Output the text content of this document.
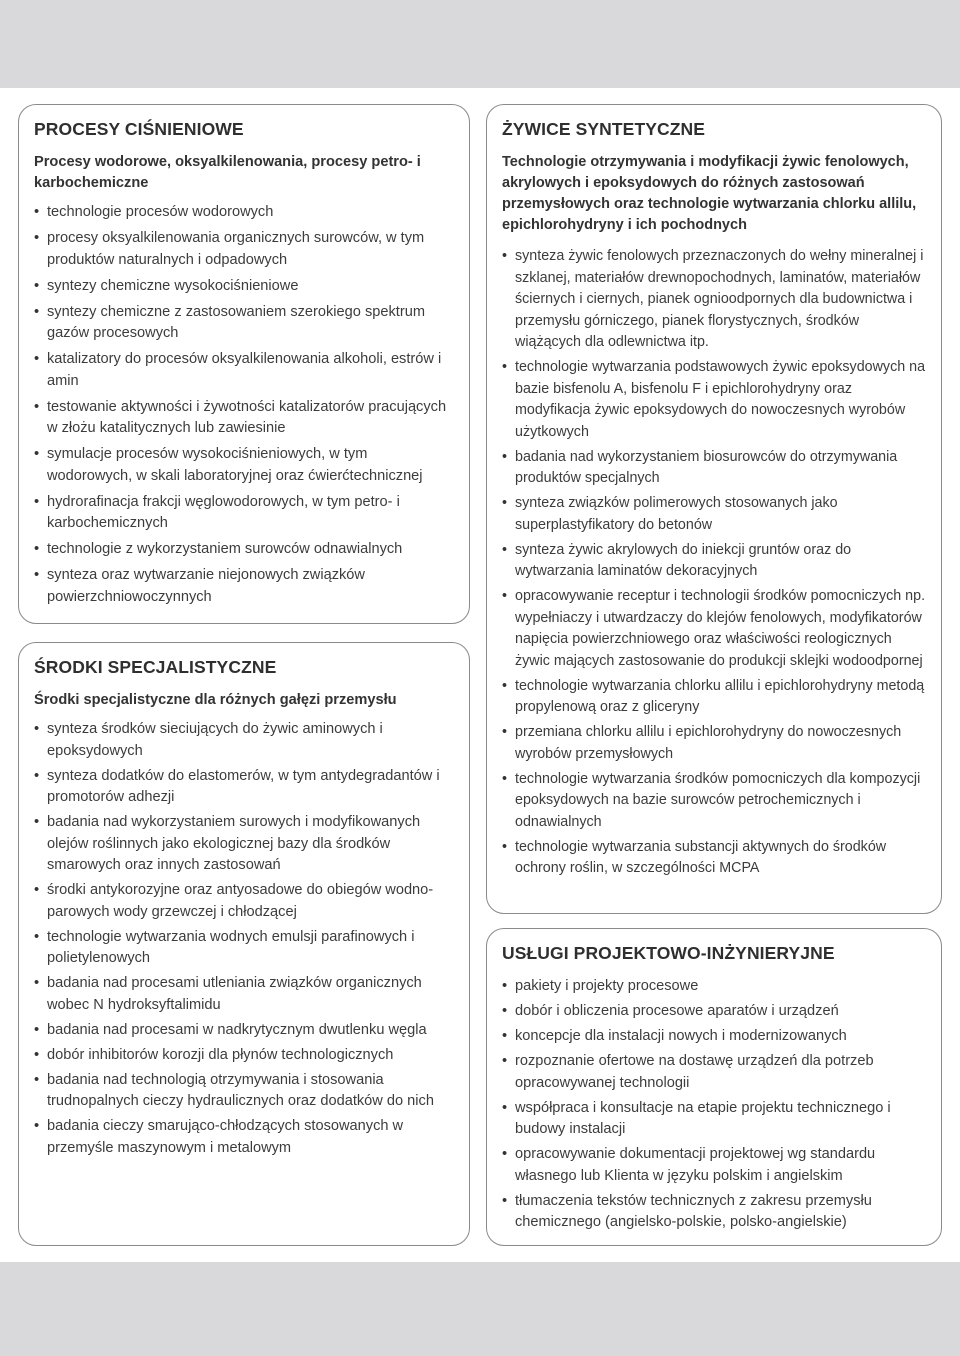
PROCESY CIŚNIENIOWE
Procesy wodorowe, oksyalkilenowania, procesy petro- i karbochemiczne
• technologie procesów wodorowych
• procesy oksyalkilenowania organicznych surowców, w tym produktów naturalnych i odpadowych
• syntezy chemiczne wysokociśnieniowe
• syntezy chemiczne z zastosowaniem szerokiego spektrum gazów procesowych
• katalizatory do procesów oksyalkilenowania alkoholi, estrów i amin
• testowanie aktywności i żywotności katalizatorów pracujących w złożu katalitycznych lub zawiesinie
• symulacje procesów wysokociśnieniowych, w tym wodorowych, w skali laboratoryjnej oraz ćwierćtechnicznej
• hydrorafinacja frakcji węglowodorowych, w tym petro- i karbochemicznych
• technologie z wykorzystaniem surowców odnawialnych
• synteza oraz wytwarzanie niejonowych związków powierzchniowoczynnych
ŚRODKI SPECJALISTYCZNE
Środki specjalistyczne dla różnych gałęzi przemysłu
• synteza środków sieciujących do żywic aminowych i epoksydowych
• synteza dodatków do elastomerów, w tym antydegradantów i promotorów adhezji
• badania nad wykorzystaniem surowych i modyfikowanych olejów roślinnych jako ekologicznej bazy dla środków smarowych oraz innych zastosowań
• środki antykorozyjne oraz antyosadowe do obiegów wodno-parowych wody grzewczej i chłodzącej
• technologie wytwarzania wodnych emulsji parafinowych i polietylenowych
• badania nad procesami utleniania związków organicznych wobec N hydroksyftalimidu
• badania nad procesami w nadkrytycznym dwutlenku węgla
• dobór inhibitorów korozji dla płynów technologicznych
• badania nad technologią otrzymywania i stosowania trudnopalnych cieczy hydraulicznych oraz dodatków do nich
• badania cieczy smarująco-chłodzących stosowanych w przemyśle maszynowym i metalowym
ŻYWICE SYNTETYCZNE
Technologie otrzymywania i modyfikacji żywic fenolowych, akrylowych i epoksydowych do różnych zastosowań przemysłowych oraz technologie wytwarzania chlorku allilu, epichlorohydryny i ich pochodnych
• synteza żywic fenolowych przeznaczonych do wełny mineralnej i szklanej, materiałów drewnopochodnych, laminatów, materiałów ściernych i ciernych, pianek ognioodpornych dla budownictwa i przemysłu górniczego, pianek florystycznych, środków wiążących dla odlewnictwa itp.
• technologie wytwarzania podstawowych żywic epoksydowych na bazie bisfenolu A, bisfenolu F i epichlorohydryny oraz modyfikacja żywic epoksydowych do nowoczesnych wyrobów użytkowych
• badania nad wykorzystaniem biosurowców do otrzymywania produktów specjalnych
• synteza związków polimerowych stosowanych jako superplastyfikatory do betonów
• synteza żywic akrylowych do iniekcji gruntów oraz do wytwarzania laminatów dekoracyjnych
• opracowywanie receptur i technologii środków pomocniczych np. wypełniaczy i utwardzaczy do klejów fenolowych, modyfikatorów napięcia powierzchniowego oraz właściwości reologicznych żywic mających zastosowanie do produkcji sklejki wodoodpornej
• technologie wytwarzania chlorku allilu i epichlorohydryny metodą propylenową oraz z gliceryny
• przemiana chlorku allilu i epichlorohydryny do nowoczesnych wyrobów przemysłowych
• technologie wytwarzania środków pomocniczych dla kompozycji epoksydowych na bazie surowców petrochemicznych i odnawialnych
• technologie wytwarzania substancji aktywnych do środków ochrony roślin, w szczególności MCPA
USŁUGI PROJEKTOWO-INŻYNIERYJNE
• pakiety i projekty procesowe
• dobór i obliczenia procesowe aparatów i urządzeń
• koncepcje dla instalacji nowych i modernizowanych
• rozpoznanie ofertowe na dostawę urządzeń dla potrzeb opracowywanej technologii
• współpraca i konsultacje na etapie projektu technicznego i budowy instalacji
• opracowywanie dokumentacji projektowej wg standardu własnego lub Klienta w języku polskim i angielskim
• tłumaczenia tekstów technicznych z zakresu przemysłu chemicznego (angielsko-polskie, polsko-angielskie)
